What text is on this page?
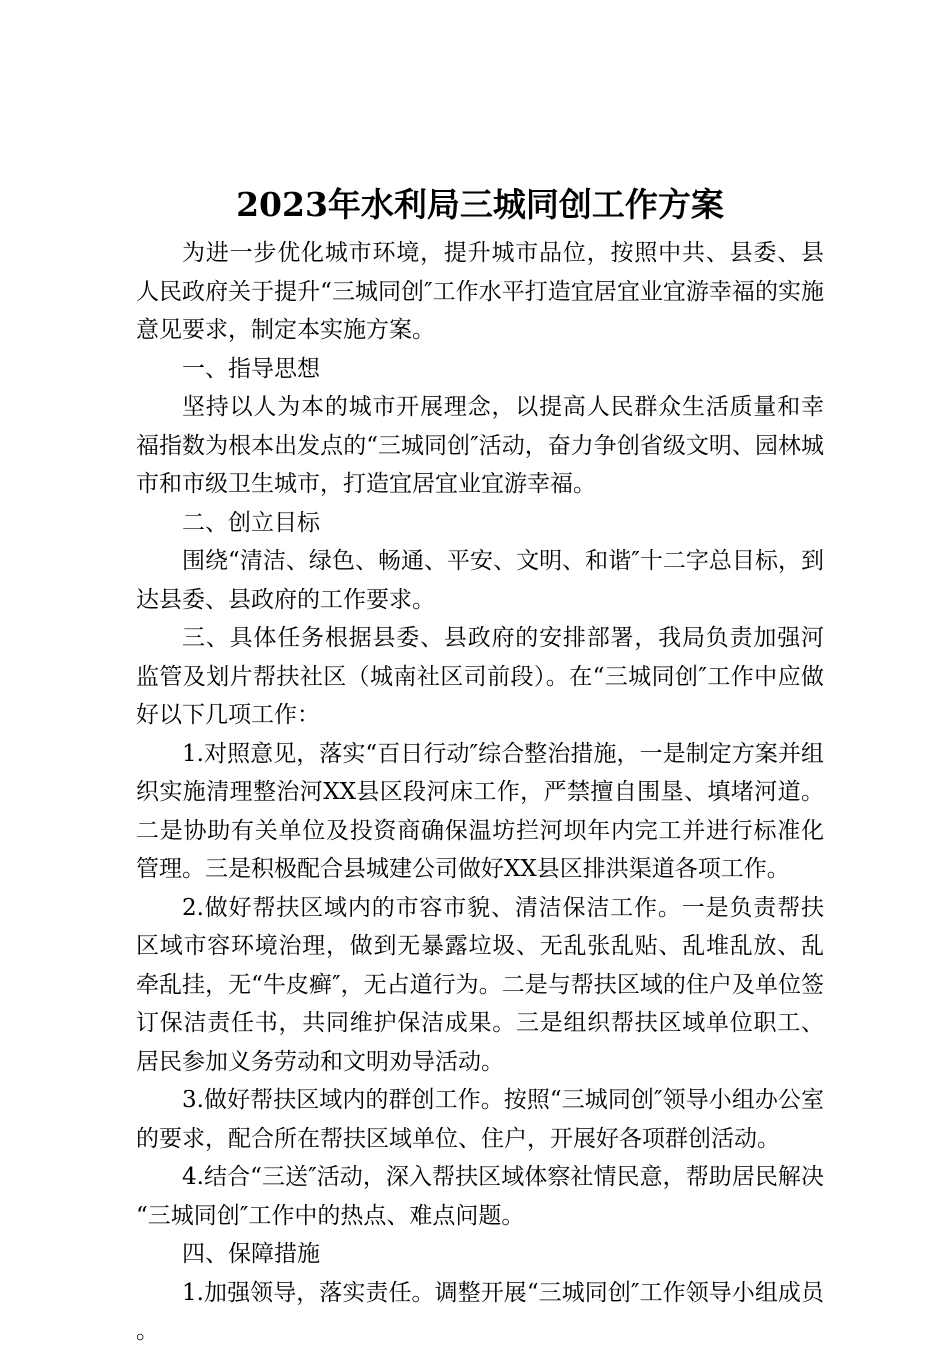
2023年水利局三城同创工作方案

为进一步优化城市环境，提升城市品位，按照中共、县委、县人民政府关于提升“三城同创″工作水平打造宜居宜业宜游幸福的实施意见要求，制定本实施方案。

一、指导思想

坚持以人为本的城市开展理念，以提高人民群众生活质量和幸福指数为根本出发点的“三城同创″活动，奋力争创省级文明、园林城市和市级卫生城市，打造宜居宜业宜游幸福。

二、创立目标

围绕“清洁、绿色、畅通、平安、文明、和谐″十二字总目标，到达县委、县政府的工作要求。

三、具体任务根据县委、县政府的安排部署，我局负责加强河监管及划片帮扶社区（城南社区司前段）。在“三城同创″工作中应做好以下几项工作：

1.对照意见，落实“百日行动″综合整治措施，一是制定方案并组织实施清理整治河XX县区段河床工作，严禁擅自围垦、填堵河道。二是协助有关单位及投资商确保温坊拦河坝年内完工并进行标准化管理。三是积极配合县城建公司做好XX县区排洪渠道各项工作。

2.做好帮扶区域内的市容市貌、清洁保洁工作。一是负责帮扶区域市容环境治理，做到无暴露垃圾、无乱张乱贴、乱堆乱放、乱牵乱挂，无“牛皮癣″，无占道行为。二是与帮扶区域的住户及单位签订保洁责任书，共同维护保洁成果。三是组织帮扶区域单位职工、居民参加义务劳动和文明劝导活动。

3.做好帮扶区域内的群创工作。按照“三城同创″领导小组办公室的要求，配合所在帮扶区域单位、住户，开展好各项群创活动。

4.结合“三送″活动，深入帮扶区域体察社情民意，帮助居民解决“三城同创″工作中的热点、难点问题。

四、保障措施

1.加强领导，落实责任。调整开展“三城同创″工作领导小组成员。
